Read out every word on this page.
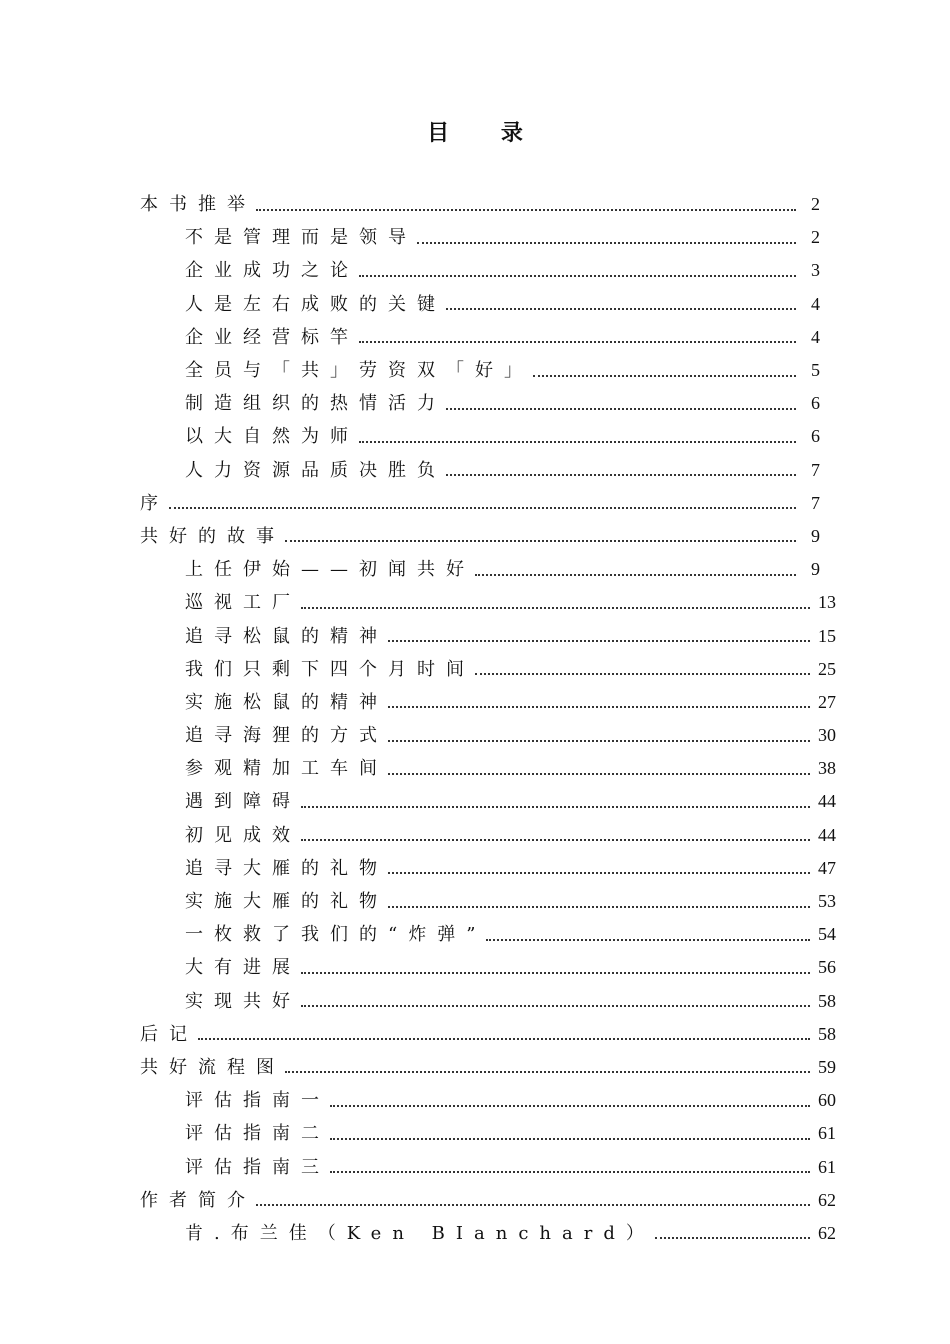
目 录
本书推举	2
不是管理而是领导	2
企业成功之论	3
人是左右成败的关键	4
企业经营标竿	4
全员与「共」劳资双「好」	5
制造组织的热情活力	6
以大自然为师	6
人力资源品质决胜负	7
序	7
共好的故事	9
上任伊始——初闻共好	9
巡视工厂	13
追寻松鼠的精神	15
我们只剩下四个月时间	25
实施松鼠的精神	27
追寻海狸的方式	30
参观精加工车间	38
遇到障碍	44
初见成效	44
追寻大雁的礼物	47
实施大雁的礼物	53
一枚救了我们的“炸弹”	54
大有进展	56
实现共好	58
后记	58
共好流程图	59
评估指南一	60
评估指南二	61
评估指南三	61
作者简介	62
肯.布兰佳（Ken BIanchard）	62
